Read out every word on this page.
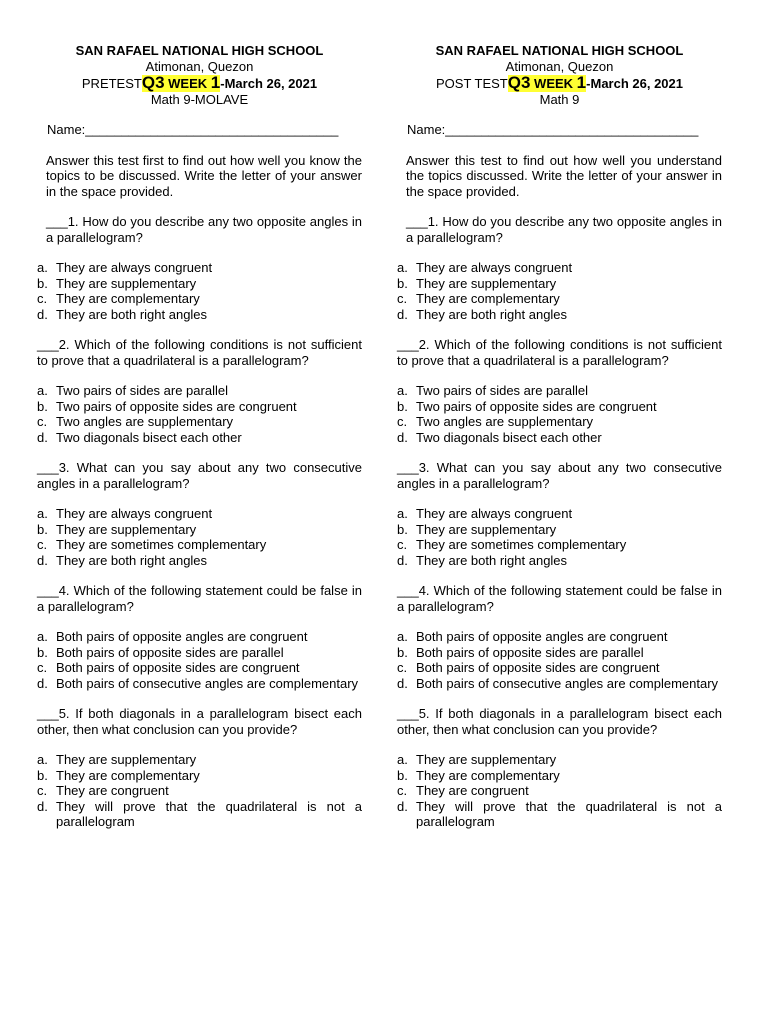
SAN RAFAEL NATIONAL HIGH SCHOOL
Atimonan, Quezon
PRETEST Q3 WEEK 1 - March 26, 2021
Math 9-MOLAVE
Name:___________________________________
Answer this test first to find out how well you know the topics to be discussed. Write the letter of your answer in the space provided.
___1. How do you describe any two opposite angles in a parallelogram?
a. They are always congruent
b. They are supplementary
c. They are complementary
d. They are both right angles
___2. Which of the following conditions is not sufficient to prove that a quadrilateral is a parallelogram?
a. Two pairs of sides are parallel
b. Two pairs of opposite sides are congruent
c. Two angles are supplementary
d. Two diagonals bisect each other
___3. What can you say about any two consecutive angles in a parallelogram?
a. They are always congruent
b. They are supplementary
c. They are sometimes complementary
d. They are both right angles
___4. Which of the following statement could be false in a parallelogram?
a. Both pairs of opposite angles are congruent
b. Both pairs of opposite sides are parallel
c. Both pairs of opposite sides are congruent
d. Both pairs of consecutive angles are complementary
___5. If both diagonals in a parallelogram bisect each other, then what conclusion can you provide?
a. They are supplementary
b. They are complementary
c. They are congruent
d. They will prove that the quadrilateral is not a parallelogram
SAN RAFAEL NATIONAL HIGH SCHOOL
Atimonan, Quezon
POST TEST Q3 WEEK 1 - March 26, 2021
Math 9
Name:___________________________________
Answer this test to find out how well you understand the topics discussed. Write the letter of your answer in the space provided.
___1. How do you describe any two opposite angles in a parallelogram?
a. They are always congruent
b. They are supplementary
c. They are complementary
d. They are both right angles
___2. Which of the following conditions is not sufficient to prove that a quadrilateral is a parallelogram?
a. Two pairs of sides are parallel
b. Two pairs of opposite sides are congruent
c. Two angles are supplementary
d. Two diagonals bisect each other
___3. What can you say about any two consecutive angles in a parallelogram?
a. They are always congruent
b. They are supplementary
c. They are sometimes complementary
d. They are both right angles
___4. Which of the following statement could be false in a parallelogram?
a. Both pairs of opposite angles are congruent
b. Both pairs of opposite sides are parallel
c. Both pairs of opposite sides are congruent
d. Both pairs of consecutive angles are complementary
___5. If both diagonals in a parallelogram bisect each other, then what conclusion can you provide?
a. They are supplementary
b. They are complementary
c. They are congruent
d. They will prove that the quadrilateral is not a parallelogram
